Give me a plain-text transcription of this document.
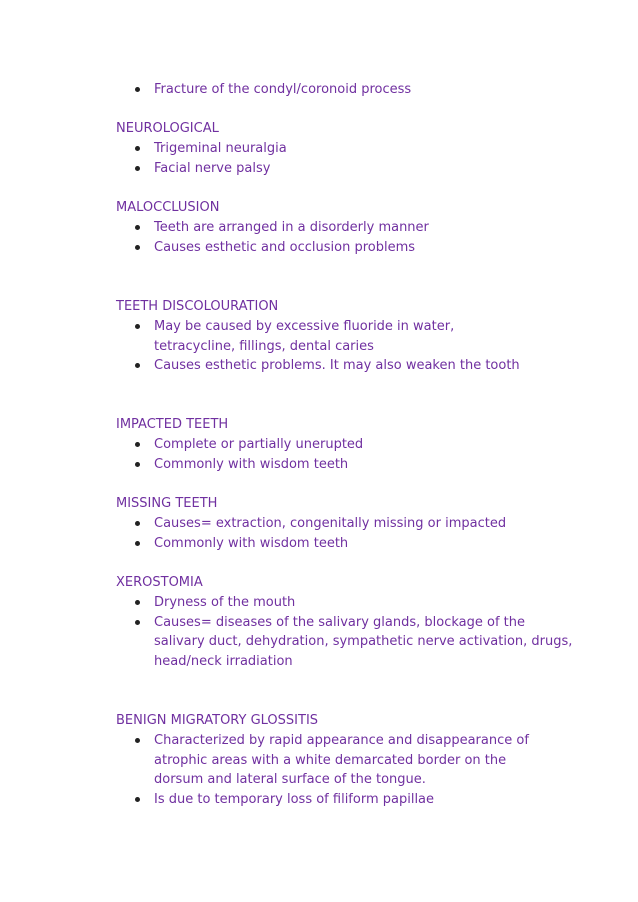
Fracture of the condyl/coronoid process
NEUROLOGICAL
Trigeminal neuralgia
Facial nerve palsy
MALOCCLUSION
Teeth are arranged in a disorderly manner
Causes esthetic and occlusion problems
TEETH DISCOLOURATION
May be caused by excessive fluoride in water, tetracycline, fillings, dental caries
Causes esthetic problems. It may also weaken the tooth
IMPACTED TEETH
Complete or partially unerupted
Commonly with wisdom teeth
MISSING TEETH
Causes= extraction, congenitally missing or impacted
Commonly with wisdom teeth
XEROSTOMIA
Dryness of the mouth
Causes= diseases of the salivary glands, blockage of the salivary duct, dehydration, sympathetic nerve activation, drugs, head/neck irradiation
BENIGN MIGRATORY GLOSSITIS
Characterized by rapid appearance and disappearance of atrophic areas with a white demarcated border on the dorsum and lateral surface of the tongue.
Is due to temporary loss of filiform papillae
